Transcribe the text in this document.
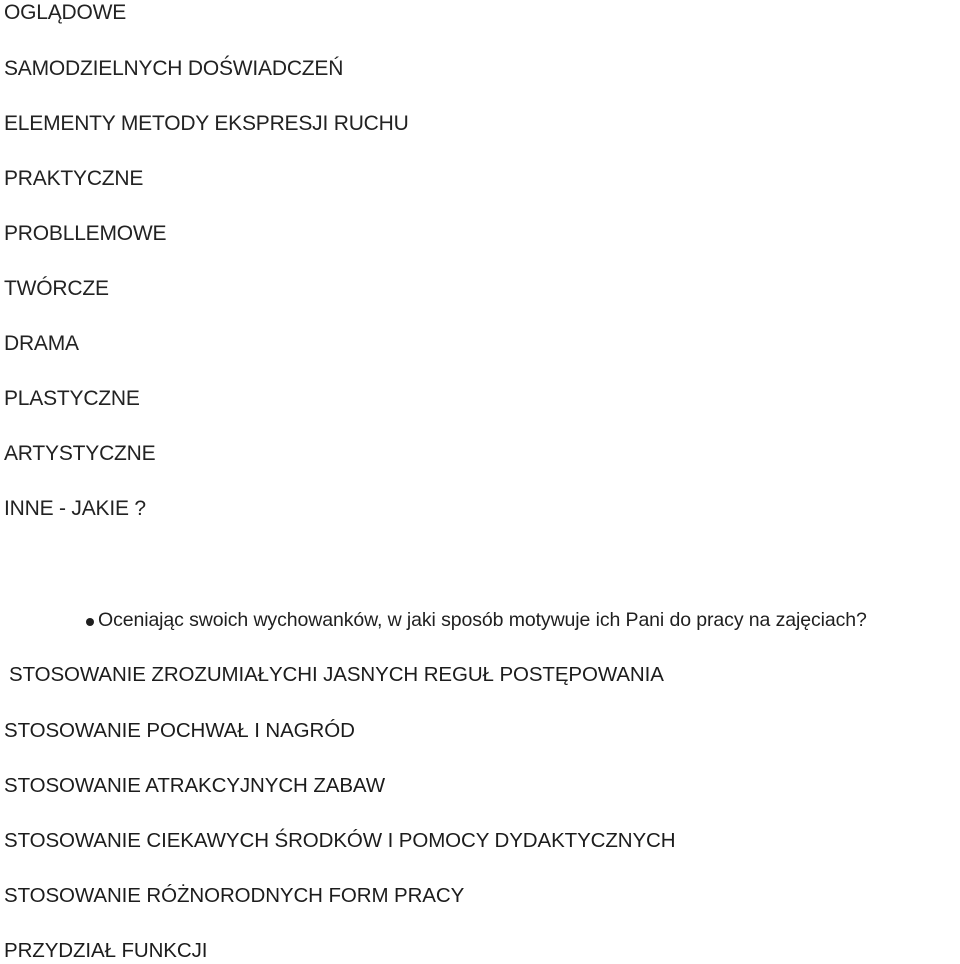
OGLĄDOWE
SAMODZIELNYCH DOŚWIADCZEŃ
ELEMENTY METODY EKSPRESJI RUCHU
PRAKTYCZNE
PROBLLEMOWE
TWÓRCZE
DRAMA
PLASTYCZNE
ARTYSTYCZNE
INNE - JAKIE ?
Oceniając swoich wychowanków, w jaki sposób motywuje ich Pani do pracy na zajęciach?
STOSOWANIE ZROZUMIAŁYCHI JASNYCH REGUŁ POSTĘPOWANIA
STOSOWANIE POCHWAŁ I NAGRÓD
STOSOWANIE ATRAKCYJNYCH ZABAW
STOSOWANIE CIEKAWYCH ŚRODKÓW I POMOCY DYDAKTYCZNYCH
STOSOWANIE RÓŻNORODNYCH FORM PRACY
PRZYDZIAŁ FUNKCJI
